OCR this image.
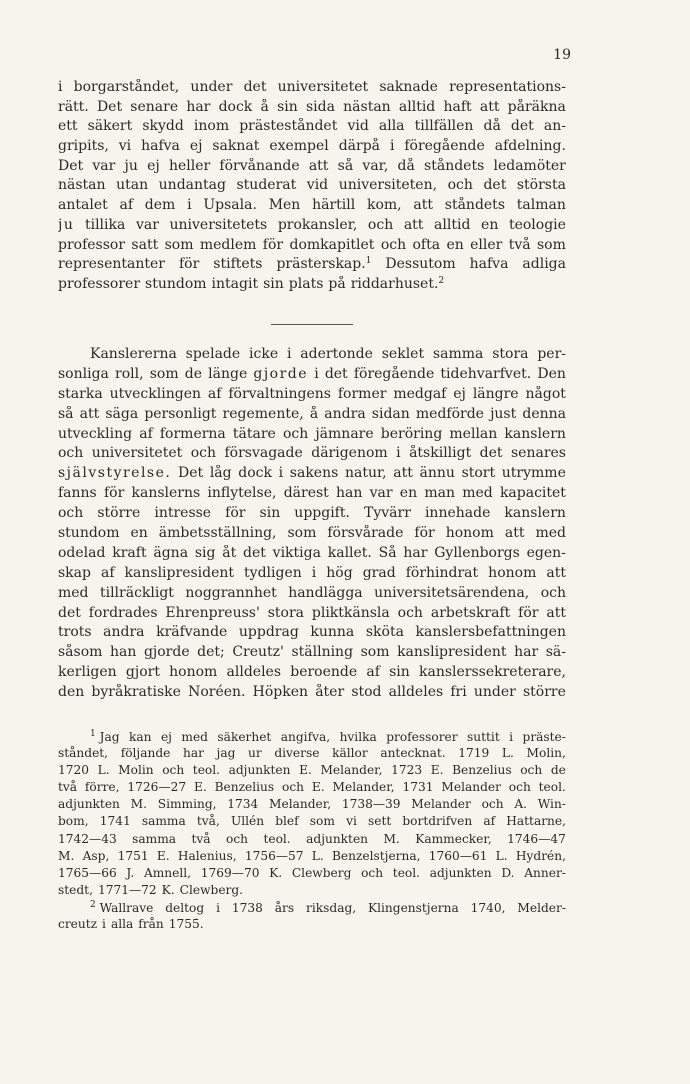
19
i borgarståndet, under det universitetet saknade representations-
rätt. Det senare har dock å sin sida nästan alltid haft att påräkna
ett säkert skydd inom prästeståndet vid alla tillfällen då det an-
gripits, vi hafva ej saknat exempel därpå i föregående afdelning.
Det var ju ej heller förvånande att så var, då ståndets ledamöter
nästan utan undantag studerat vid universiteten, och det största
antalet af dem i Upsala. Men härtill kom, att ståndets talman
ju tillika var universitetets prokansler, och att alltid en teologie
professor satt som medlem för domkapitlet och ofta en eller två som
representanter för stiftets prästerskap.$^1$ Dessutom hafva adliga
professorer stundom intagit sin plats på riddarhuset.$^2$
Kanslererna spelade icke i adertonde seklet samma stora per-
sonliga roll, som de länge gjorde i det föregående tidehvarfvet. Den
starka utvecklingen af förvaltningens former medgaf ej längre något
så att säga personligt regemente, å andra sidan medförde just denna
utveckling af formerna tätare och jämnare beröring mellan kanslern
och universitetet och försvagade därigenom i åtskilligt det senares
självstyrelse. Det låg dock i sakens natur, att ännu stort utrymme
fanns för kanslerns inflytelse, därest han var en man med kapacitet
och större intresse för sin uppgift. Tyvärr innehade kanslern
stundom en ämbetsställning, som försvårade för honom att med
odelad kraft ägna sig åt det viktiga kallet. Så har Gyllenborgs egen-
skap af kanslipresident tydligen i hög grad förhindrat honom att
med tillräckligt noggrannhet handlägga universitetsärendena, och
det fordrades Ehrenpreuss' stora pliktkänsla och arbetskraft för att
trots andra kräfvande uppdrag kunna sköta kanslersbefattningen
såsom han gjorde det; Creutz' ställning som kanslipresident har sä-
kerligen gjort honom alldeles beroende af sin kanslerssekreterare,
den byråkratiske Noréen. Höpken åter stod alldeles fri under större
$^1$ Jag kan ej med säkerhet angifva, hvilka professorer suttit i präste-
ståndet, följande har jag ur diverse källor antecknat. 1719 L. Molin,
1720 L. Molin och teol. adjunkten E. Melander, 1723 E. Benzelius och de
två förre, 1726—27 E. Benzelius och E. Melander, 1731 Melander och teol.
adjunkten M. Simming, 1734 Melander, 1738—39 Melander och A. Win-
bom, 1741 samma två, Ullén blef som vi sett bortdrifven af Hattarne,
1742—43 samma två och teol. adjunkten M. Kammecker, 1746—47
M. Asp, 1751 E. Halenius, 1756—57 L. Benzelstjerna, 1760—61 L. Hydrén,
1765—66 J. Amnell, 1769—70 K. Clewberg och teol. adjunkten D. Anner-
stedt, 1771—72 K. Clewberg.
$^2$ Wallrave deltog i 1738 års riksdag, Klingenstjerna 1740, Melder-
creutz i alla från 1755.
